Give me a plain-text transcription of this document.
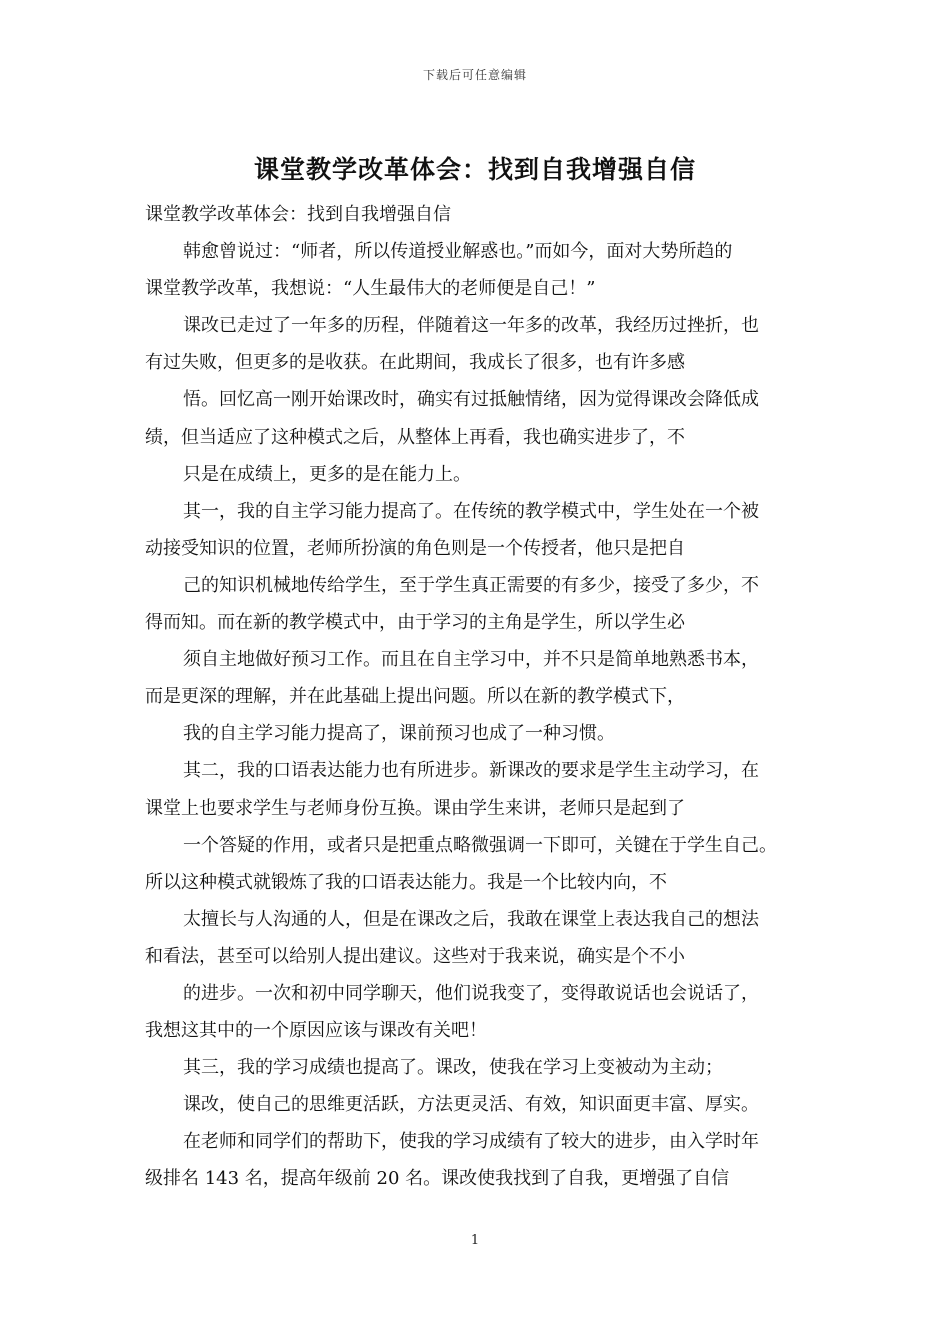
下载后可任意编辑
课堂教学改革体会：找到自我增强自信
课堂教学改革体会：找到自我增强自信
韩愈曾说过：“师者，所以传道授业解惑也。”而如今，面对大势所趋的
课堂教学改革，我想说：“人生最伟大的老师便是自己！”
课改已走过了一年多的历程，伴随着这一年多的改革，我经历过挫折，也
有过失败，但更多的是收获。在此期间，我成长了很多，也有许多感
悟。回忆高一刚开始课改时，确实有过抵触情绪，因为觉得课改会降低成
绩，但当适应了这种模式之后，从整体上再看，我也确实进步了，不
只是在成绩上，更多的是在能力上。
其一，我的自主学习能力提高了。在传统的教学模式中，学生处在一个被
动接受知识的位置，老师所扮演的角色则是一个传授者，他只是把自
己的知识机械地传给学生，至于学生真正需要的有多少，接受了多少，不
得而知。而在新的教学模式中，由于学习的主角是学生，所以学生必
须自主地做好预习工作。而且在自主学习中，并不只是简单地熟悉书本，
而是更深的理解，并在此基础上提出问题。所以在新的教学模式下，
我的自主学习能力提高了，课前预习也成了一种习惯。
其二，我的口语表达能力也有所进步。新课改的要求是学生主动学习，在
课堂上也要求学生与老师身份互换。课由学生来讲，老师只是起到了
一个答疑的作用，或者只是把重点略微强调一下即可，关键在于学生自己。
所以这种模式就锻炼了我的口语表达能力。我是一个比较内向，不
太擅长与人沟通的人，但是在课改之后，我敢在课堂上表达我自己的想法
和看法，甚至可以给别人提出建议。这些对于我来说，确实是个不小
的进步。一次和初中同学聊天，他们说我变了，变得敢说话也会说话了，
我想这其中的一个原因应该与课改有关吧！
其三，我的学习成绩也提高了。课改，使我在学习上变被动为主动；
课改，使自己的思维更活跃，方法更灵活、有效，知识面更丰富、厚实。
在老师和同学们的帮助下，使我的学习成绩有了较大的进步，由入学时年
级排名 143 名，提高年级前 20 名。课改使我找到了自我，更增强了自信
1
